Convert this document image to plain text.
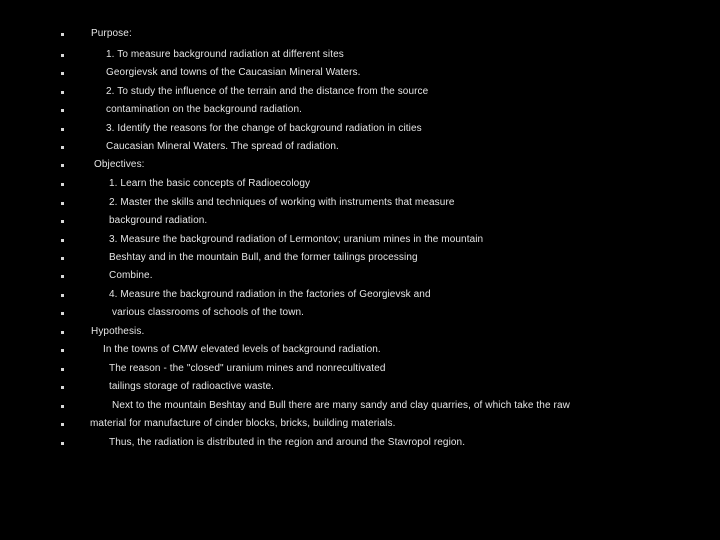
Purpose:
1. To measure background radiation at different sites
Georgievsk and towns of the Caucasian Mineral Waters.
2. To study the influence of the terrain and the distance from the source
contamination on the background radiation.
3. Identify the reasons for the change of background radiation in cities
Caucasian Mineral Waters. The spread of radiation.
Objectives:
1. Learn the basic concepts of Radioecology
2. Master the skills and techniques of working with instruments that measure
background radiation.
3. Measure the background radiation of Lermontov; uranium mines in the mountain
Beshtay and in the mountain Bull, and the former tailings processing
Combine.
4. Measure the background radiation in the factories of Georgievsk and
various classrooms of schools of the town.
Hypothesis.
In the towns of CMW elevated levels of background radiation.
The reason - the "closed" uranium mines and nonrecultivated
tailings storage of radioactive waste.
Next to the mountain Beshtay and Bull there are many sandy and clay quarries, of which take the raw
material for manufacture of cinder blocks, bricks, building materials.
Thus, the radiation is distributed in the region and around the Stavropol region.
